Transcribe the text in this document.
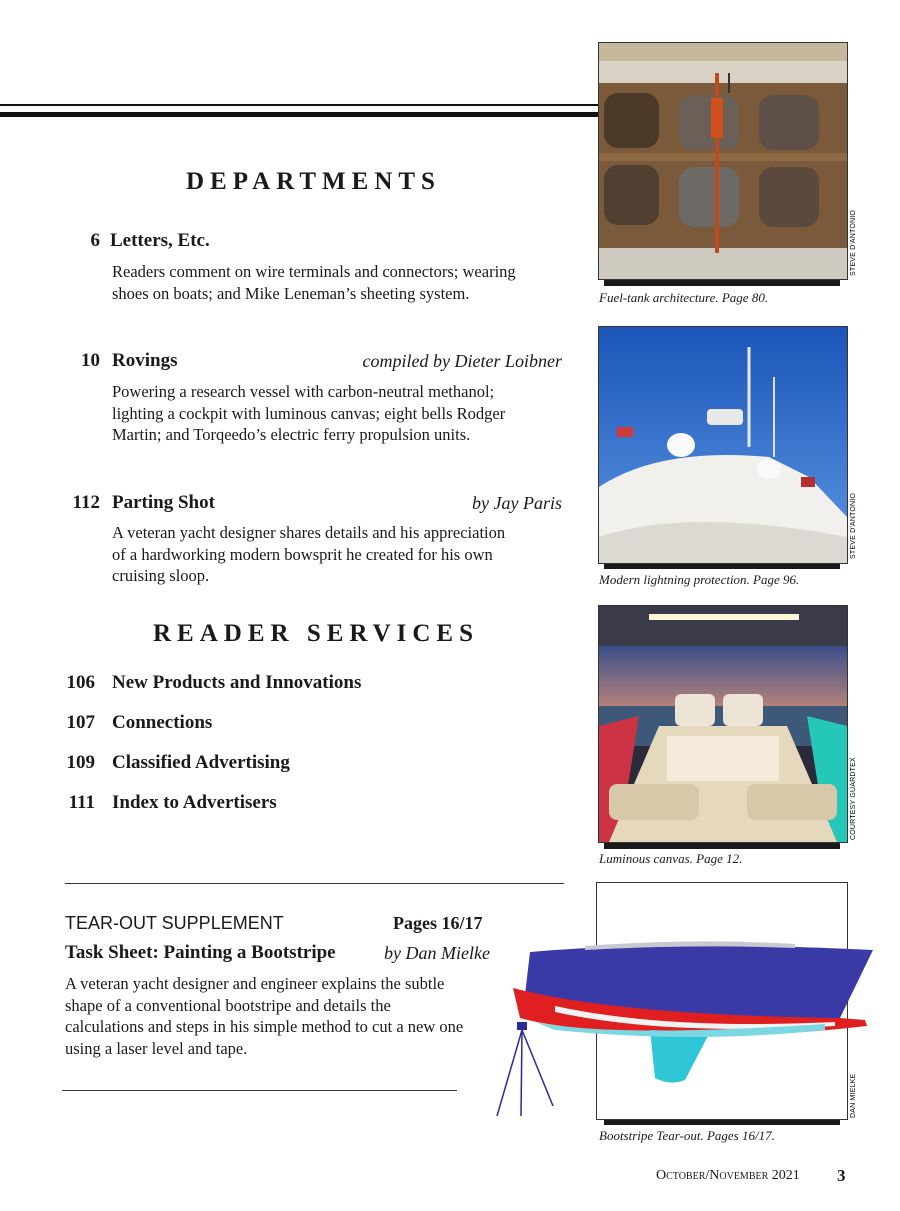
DEPARTMENTS
6 Letters, Etc.
Readers comment on wire terminals and connectors; wearing shoes on boats; and Mike Leneman’s sheeting system.
10 Rovings	compiled by Dieter Loibner
Powering a research vessel with carbon-neutral methanol; lighting a cockpit with luminous canvas; eight bells Rodger Martin; and Torqeedo’s electric ferry propulsion units.
112 Parting Shot	by Jay Paris
A veteran yacht designer shares details and his appreciation of a hardworking modern bowsprit he created for his own cruising sloop.
READER SERVICES
106 New Products and Innovations
107 Connections
109 Classified Advertising
111 Index to Advertisers
TEAR-OUT SUPPLEMENT	Pages 16/17
Task Sheet: Painting a Bootstripe	by Dan Mielke
A veteran yacht designer and engineer explains the subtle shape of a conventional bootstripe and details the calculations and steps in his simple method to cut a new one using a laser level and tape.
STEVE D'ANTONIO
Fuel-tank architecture. Page 80.
STEVE D'ANTONIO
Modern lightning protection. Page 96.
COURTESY GUARDTEX
Luminous canvas. Page 12.
DAN MIELKE
Bootstripe Tear-out. Pages 16/17.
October/November 2021 3
